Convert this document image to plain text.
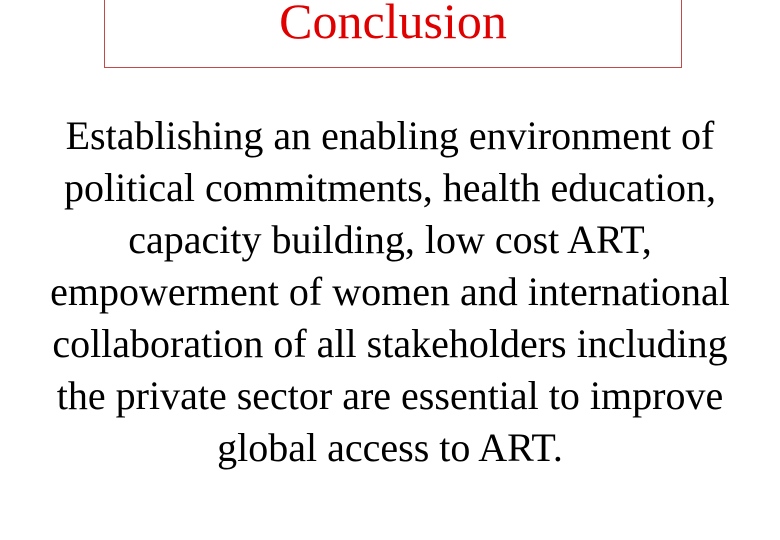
Conclusion
Establishing an enabling environment of
political commitments, health education,
capacity building, low cost ART,
empowerment of women and international
collaboration of all stakeholders including
the private sector are essential to improve
global access to ART.
